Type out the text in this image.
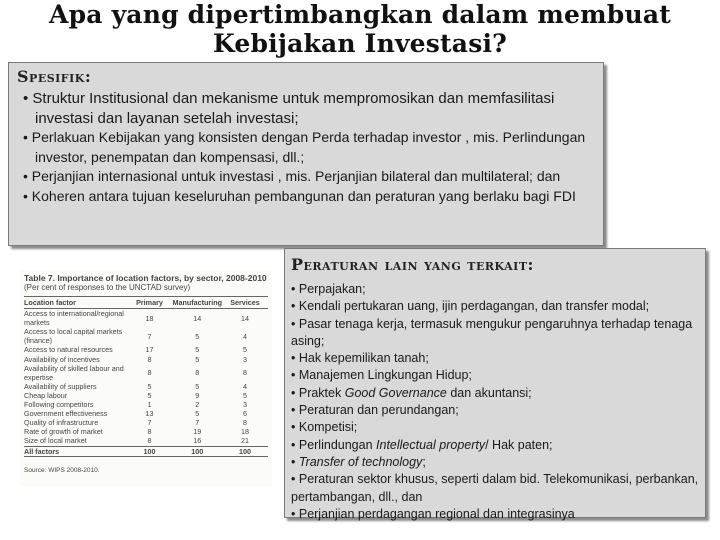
Apa yang dipertimbangkan dalam membuat
Kebijakan Investasi?
Spesifik:
• Struktur Institusional dan mekanisme untuk mempromosikan dan memfasilitasi investasi dan layanan setelah investasi;
• Perlakuan Kebijakan yang konsisten dengan Perda terhadap investor , mis. Perlindungan investor, penempatan dan kompensasi, dll.;
• Perjanjian internasional untuk investasi , mis. Perjanjian bilateral dan multilateral; dan
• Koheren antara tujuan keseluruhan pembangunan dan peraturan yang berlaku bagi FDI
Table 7. Importance of location factors, by sector, 2008-2010
(Per cent of responses to the UNCTAD survey)
Location factor	Primary	Manufacturing	Services
Access to international/regional markets	18	14	14
Access to local capital markets (finance)	7	5	4
Access to natural resources	17	5	5
Availability of incentives	8	5	3
Availability of skilled labour and expertise	8	8	8
Availability of suppliers	5	5	4
Cheap labour	5	9	5
Following competitors	1	2	3
Government effectiveness	13	5	6
Quality of infrastructure	7	7	8
Rate of growth of market	8	19	18
Size of local market	8	16	21
All factors	100	100	100
Source: WIPS 2008-2010.
Peraturan lain yang terkait:
• Perpajakan;
• Kendali pertukaran uang, ijin perdagangan, dan transfer modal;
• Pasar tenaga kerja, termasuk mengukur pengaruhnya terhadap tenaga asing;
• Hak kepemilikan tanah;
• Manajemen Lingkungan Hidup;
• Praktek Good Governance dan akuntansi;
• Peraturan dan perundangan;
• Kompetisi;
• Perlindungan Intellectual property/ Hak paten;
• Transfer of technology;
• Peraturan sektor khusus, seperti dalam bid. Telekomunikasi, perbankan, pertambangan, dll., dan
• Perjanjian perdagangan regional dan integrasinya
